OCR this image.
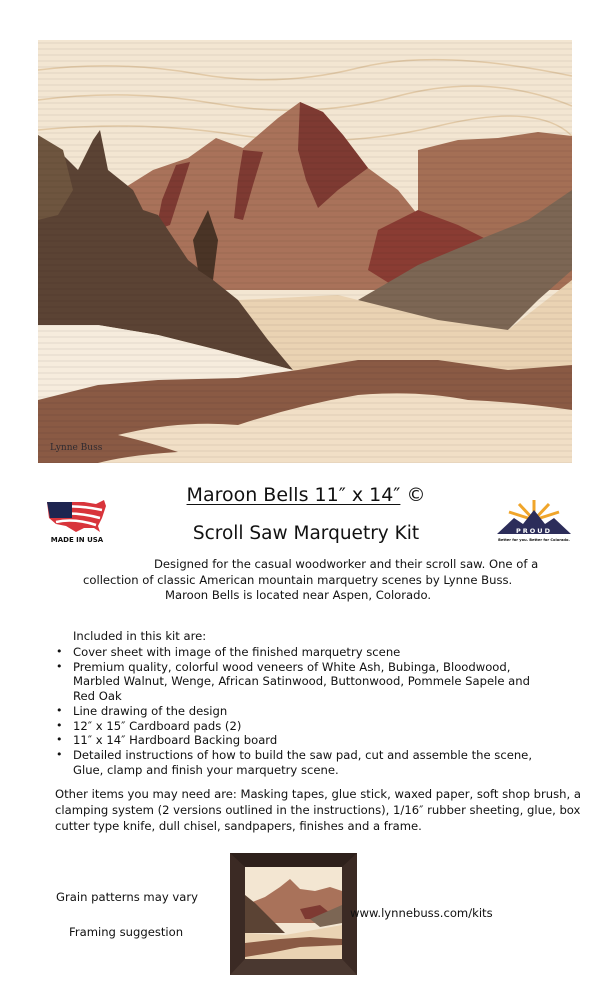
Lynne Buss
MADE IN USA
Maroon Bells 11″ x 14″ ©
Scroll Saw Marquetry Kit	PROUD
Better for you. Better for Colorado.
Designed for the casual woodworker and their scroll saw. One of a
collection of classic American mountain marquetry scenes by Lynne Buss.
Maroon Bells is located near Aspen, Colorado.
Included in this kit are:
• Cover sheet with image of the finished marquetry scene
• Premium quality, colorful wood veneers of White Ash, Bubinga, Bloodwood, Marbled Walnut, Wenge, African Satinwood, Buttonwood, Pommele Sapele and Red Oak
• Line drawing of the design
• 12″ x 15″ Cardboard pads (2)
• 11″ x 14″ Hardboard Backing board
• Detailed instructions of how to build the saw pad, cut and assemble the scene, Glue, clamp and finish your marquetry scene.
Other items you may need are: Masking tapes, glue stick, waxed paper, soft shop brush, a clamping system (2 versions outlined in the instructions), 1/16″ rubber sheeting, glue, box cutter type knife, dull chisel, sandpapers, finishes and a frame.
Grain patterns may vary
Framing suggestion
www.lynnebuss.com/kits
